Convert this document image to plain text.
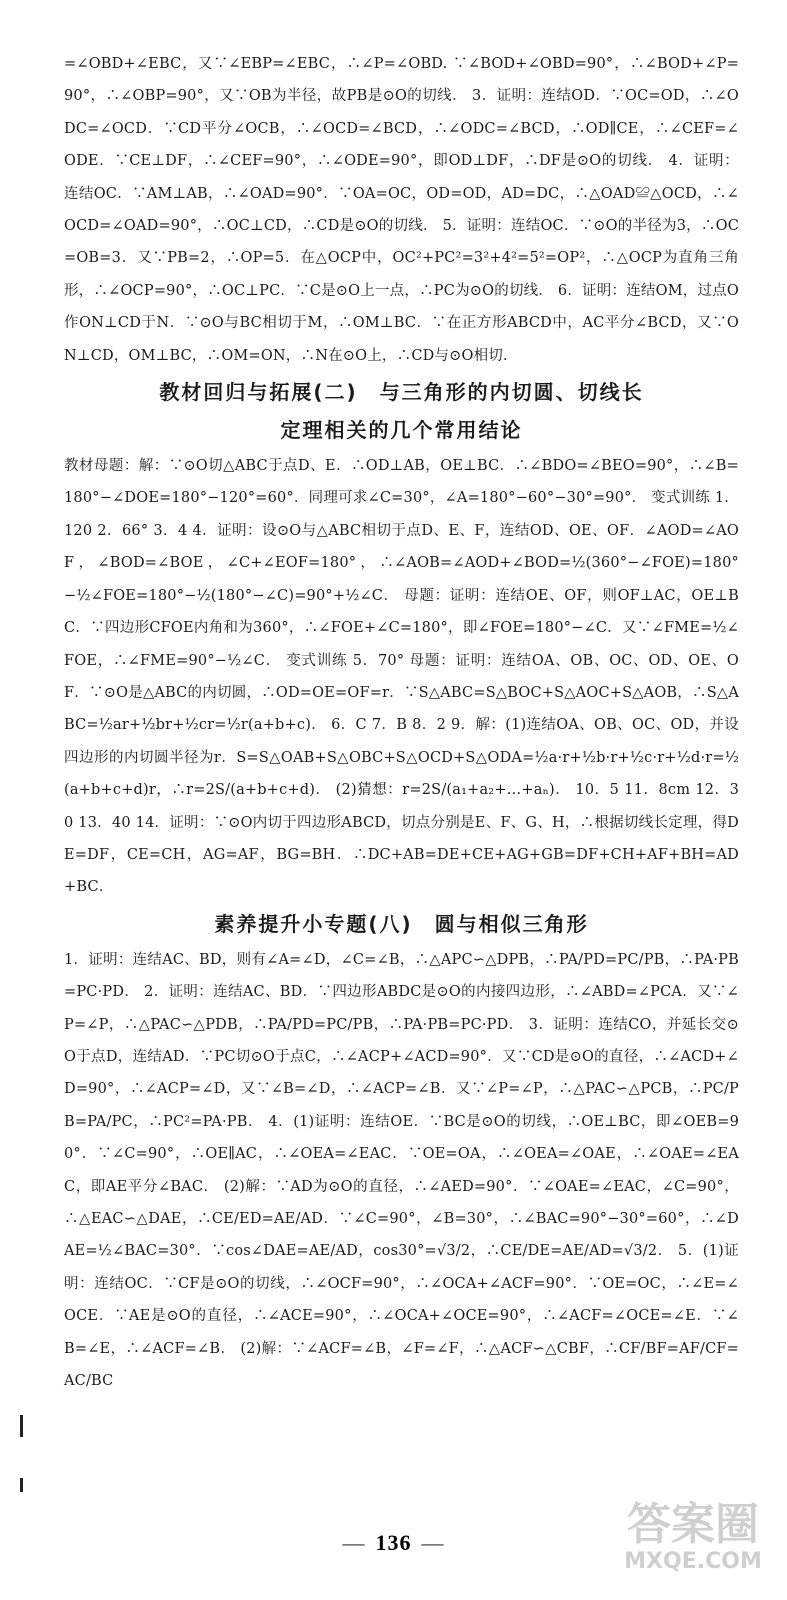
=∠OBD+∠EBC，又∵∠EBP=∠EBC，∴∠P=∠OBD. ∵∠BOD+∠OBD=90°，∴∠BOD+∠P=90°，∴∠OBP=90°，又∵OB为半径，故PB是⊙O的切线． 3．证明：连结OD．∵OC=OD，∴∠ODC=∠OCD．∵CD平分∠OCB，∴∠OCD=∠BCD，∴∠ODC=∠BCD，∴OD∥CE，∴∠CEF=∠ODE．∵CE⊥DF，∴∠CEF=90°，∴∠ODE=90°，即OD⊥DF，∴DF是⊙O的切线． 4．证明：连结OC．∵AM⊥AB，∴∠OAD=90°．∵OA=OC，OD=OD，AD=DC，∴△OAD≌△OCD，∴∠OCD=∠OAD=90°，∴OC⊥CD，∴CD是⊙O的切线． 5．证明：连结OC．∵⊙O的半径为3，∴OC=OB=3．又∵PB=2，∴OP=5．在△OCP中，OC²+PC²=3²+4²=5²=OP²，∴△OCP为直角三角形，∴∠OCP=90°，∴OC⊥PC．∵C是⊙O上一点，∴PC为⊙O的切线． 6．证明：连结OM，过点O作ON⊥CD于N．∵⊙O与BC相切于M，∴OM⊥BC．∵在正方形ABCD中，AC平分∠BCD，又∵ON⊥CD，OM⊥BC，∴OM=ON，∴N在⊙O上，∴CD与⊙O相切．

教材回归与拓展(二)　与三角形的内切圆、切线长
定理相关的几个常用结论

教材母题：解：∵⊙O切△ABC于点D、E．∴OD⊥AB，OE⊥BC．∴∠BDO=∠BEO=90°，∴∠B=180°−∠DOE=180°−120°=60°．同理可求∠C=30°，∠A=180°−60°−30°=90°． 变式训练 1．120 2．66° 3．4 4．证明：设⊙O与△ABC相切于点D、E、F，连结OD、OE、OF．∠AOD=∠AOF，∠BOD=∠BOE，∠C+∠EOF=180°，∴∠AOB=∠AOD+∠BOD=½(360°−∠FOE)=180°−½∠FOE=180°−½(180°−∠C)=90°+½∠C． 母题：证明：连结OE、OF，则OF⊥AC，OE⊥BC．∵四边形CFOE内角和为360°，∴∠FOE+∠C=180°，即∠FOE=180°−∠C．又∵∠FME=½∠FOE，∴∠FME=90°−½∠C． 变式训练 5．70° 母题：证明：连结OA、OB、OC、OD、OE、OF．∵⊙O是△ABC的内切圆，∴OD=OE=OF=r．∵S△ABC=S△BOC+S△AOC+S△AOB，∴S△ABC=½ar+½br+½cr=½r(a+b+c)． 6．C 7．B 8．2 9．解：(1)连结OA、OB、OC、OD，并设四边形的内切圆半径为r．S=S△OAB+S△OBC+S△OCD+S△ODA=½a·r+½b·r+½c·r+½d·r=½(a+b+c+d)r，∴r=2S/(a+b+c+d)． (2)猜想：r=2S/(a₁+a₂+…+aₙ)． 10．5 11．8cm 12．30 13．40 14．证明：∵⊙O内切于四边形ABCD，切点分别是E、F、G、H，∴根据切线长定理，得DE=DF，CE=CH，AG=AF，BG=BH．∴DC+AB=DE+CE+AG+GB=DF+CH+AF+BH=AD+BC．

素养提升小专题(八)　圆与相似三角形

1．证明：连结AC、BD，则有∠A=∠D，∠C=∠B，∴△APC∽△DPB，∴PA/PD=PC/PB，∴PA·PB=PC·PD． 2．证明：连结AC、BD．∵四边形ABDC是⊙O的内接四边形，∴∠ABD=∠PCA．又∵∠P=∠P，∴△PAC∽△PDB，∴PA/PD=PC/PB，∴PA·PB=PC·PD． 3．证明：连结CO，并延长交⊙O于点D，连结AD．∵PC切⊙O于点C，∴∠ACP+∠ACD=90°．又∵CD是⊙O的直径，∴∠ACD+∠D=90°，∴∠ACP=∠D，又∵∠B=∠D，∴∠ACP=∠B．又∵∠P=∠P，∴△PAC∽△PCB，∴PC/PB=PA/PC，∴PC²=PA·PB． 4．(1)证明：连结OE．∵BC是⊙O的切线，∴OE⊥BC，即∠OEB=90°．∵∠C=90°，∴OE∥AC，∴∠OEA=∠EAC．∵OE=OA，∴∠OEA=∠OAE，∴∠OAE=∠EAC，即AE平分∠BAC． (2)解：∵AD为⊙O的直径，∴∠AED=90°．∵∠OAE=∠EAC，∠C=90°，∴△EAC∽△DAE，∴CE/ED=AE/AD．∵∠C=90°，∠B=30°，∴∠BAC=90°−30°=60°，∴∠DAE=½∠BAC=30°．∵cos∠DAE=AE/AD，cos30°=√3/2，∴CE/DE=AE/AD=√3/2． 5．(1)证明：连结OC．∵CF是⊙O的切线，∴∠OCF=90°，∴∠OCA+∠ACF=90°．∵OE=OC，∴∠E=∠OCE．∵AE是⊙O的直径，∴∠ACE=90°，∴∠OCA+∠OCE=90°，∴∠ACF=∠OCE=∠E．∵∠B=∠E，∴∠ACF=∠B． (2)解：∵∠ACF=∠B，∠F=∠F，∴△ACF∽△CBF，∴CF/BF=AF/CF=AC/BC

— 136 —	答案圈
MXQE.COM
